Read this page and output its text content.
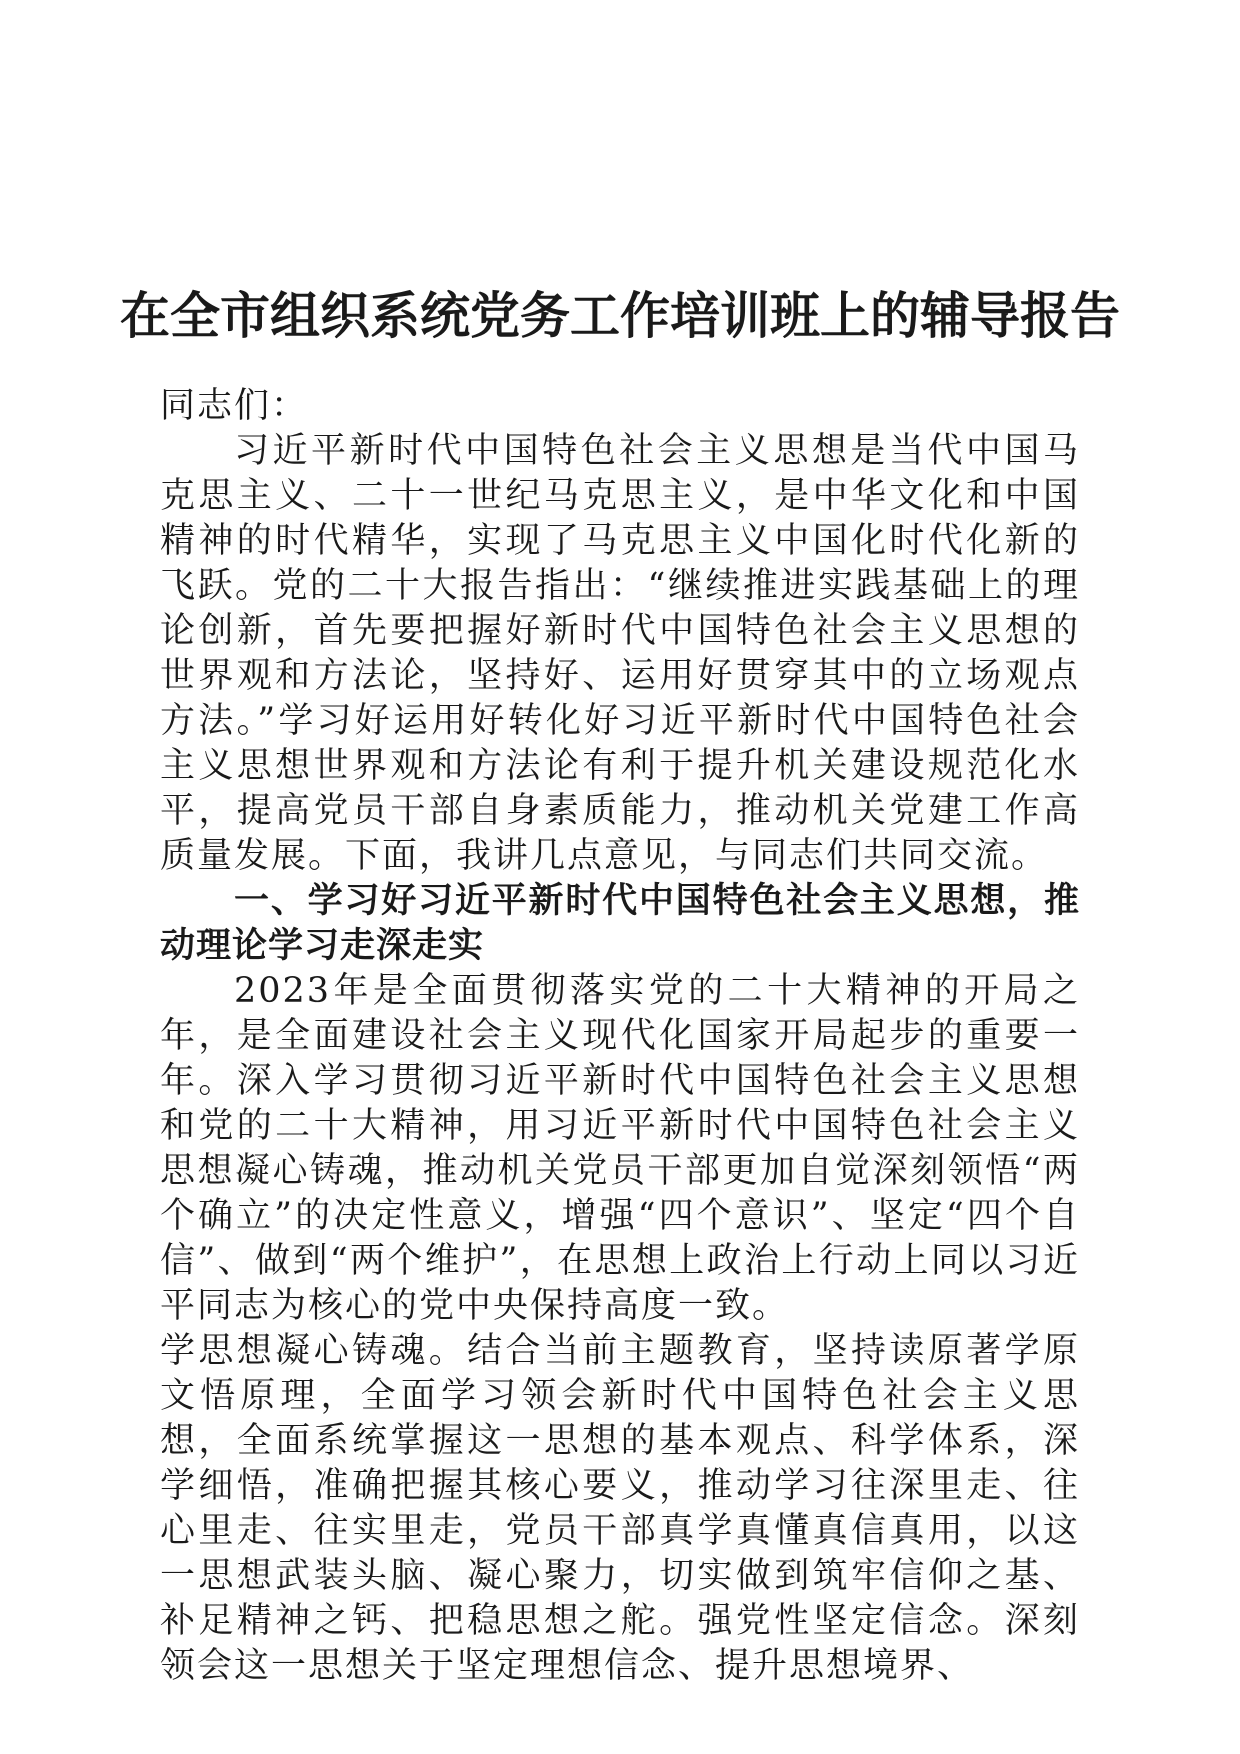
在全市组织系统党务工作培训班上的辅导报告

同志们：

习近平新时代中国特色社会主义思想是当代中国马克思主义、二十一世纪马克思主义，是中华文化和中国精神的时代精华，实现了马克思主义中国化时代化新的飞跃。党的二十大报告指出：“继续推进实践基础上的理论创新，首先要把握好新时代中国特色社会主义思想的世界观和方法论，坚持好、运用好贯穿其中的立场观点方法。”学习好运用好转化好习近平新时代中国特色社会主义思想世界观和方法论有利于提升机关建设规范化水平，提高党员干部自身素质能力，推动机关党建工作高质量发展。下面，我讲几点意见，与同志们共同交流。

一、学习好习近平新时代中国特色社会主义思想，推动理论学习走深走实

2023年是全面贯彻落实党的二十大精神的开局之年，是全面建设社会主义现代化国家开局起步的重要一年。深入学习贯彻习近平新时代中国特色社会主义思想和党的二十大精神，用习近平新时代中国特色社会主义思想凝心铸魂，推动机关党员干部更加自觉深刻领悟“两个确立”的决定性意义，增强“四个意识”、坚定“四个自信”、做到“两个维护”，在思想上政治上行动上同以习近平同志为核心的党中央保持高度一致。

学思想凝心铸魂。结合当前主题教育，坚持读原著学原文悟原理，全面学习领会新时代中国特色社会主义思想，全面系统掌握这一思想的基本观点、科学体系，深学细悟，准确把握其核心要义，推动学习往深里走、往心里走、往实里走，党员干部真学真懂真信真用，以这一思想武装头脑、凝心聚力，切实做到筑牢信仰之基、补足精神之钙、把稳思想之舵。强党性坚定信念。深刻领会这一思想关于坚定理想信念、提升思想境界、
